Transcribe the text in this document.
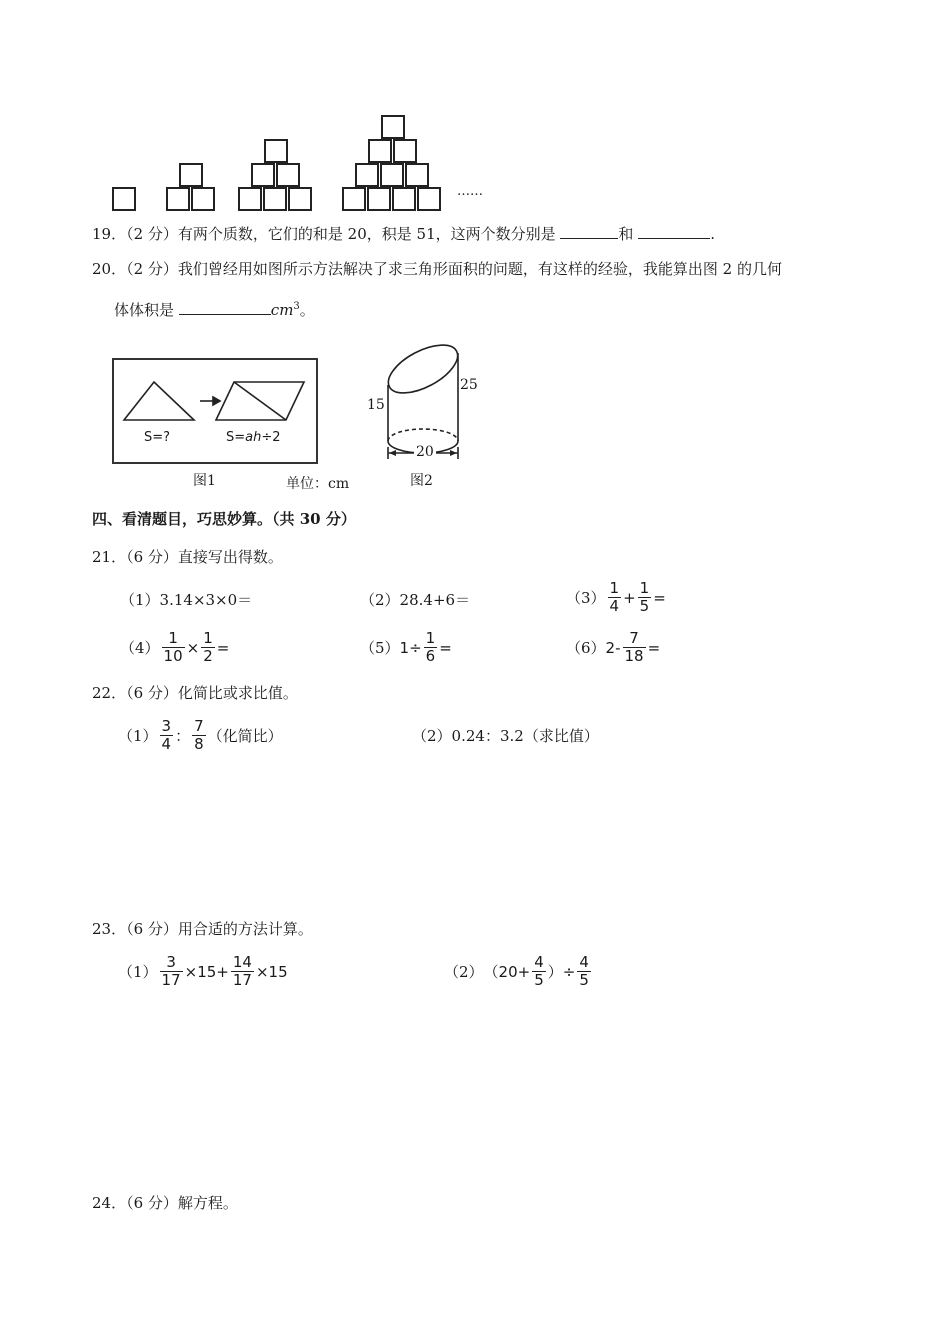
……
19．（2 分）有两个质数，它们的和是 20，积是 51，这两个数分别是	和	.
20．（2 分）我们曾经用如图所示方法解决了求三角形面积的问题，有这样的经验，我能算出图 2 的几何
体体积是	$cm^3$。
S=?	S=ah÷2
图1	单位：cm
15
25
20
图2
四、看清题目，巧思妙算。（共 30 分）
21．（6 分）直接写出得数。
（1）3.14×3×0＝	（2）28.4+6＝	$(3) \frac{1}{4} + \frac{1}{5}$ =
$(4) \frac{1}{10} \times \frac{1}{2}$ =	（5） $1\div \frac{1}{6}$ =	（6） $2- \frac{7}{18}$ =
22．（6 分）化简比或求比值。
$(1) \frac{3}{4}$ ： $\frac{7}{8}$ （化简比）	（2）0.24：3.2（求比值）
23．（6 分）用合适的方法计算。
$(1) \frac{3}{17} \times 15+ \frac{14}{17} \times 15$	（2） （$20+ \frac{4}{5}$ ）÷ $\frac{4}{5}$
24．（6 分）解方程。
